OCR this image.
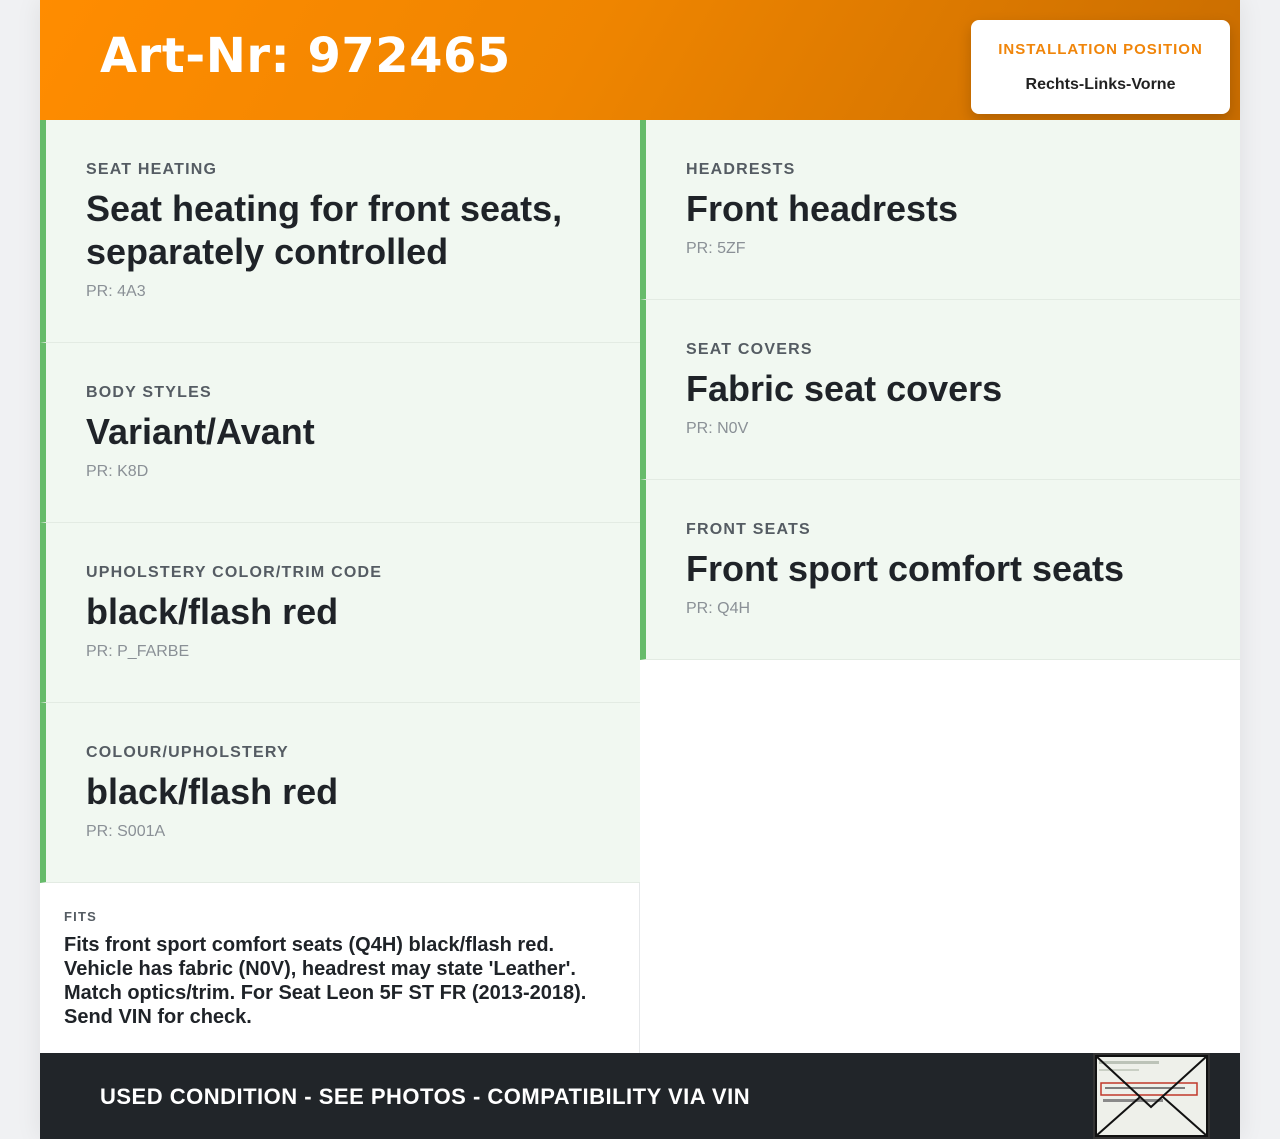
Art-Nr: 972465	INSTALLATION POSITION
Rechts-Links-Vorne
SEAT HEATING
Seat heating for front seats, separately controlled
PR: 4A3
BODY STYLES
Variant/Avant
PR: K8D
UPHOLSTERY COLOR/TRIM CODE
black/flash red
PR: P_FARBE
COLOUR/UPHOLSTERY
black/flash red
PR: S001A
HEADRESTS
Front headrests
PR: 5ZF
SEAT COVERS
Fabric seat covers
PR: N0V
FRONT SEATS
Front sport comfort seats
PR: Q4H
FITS
Fits front sport comfort seats (Q4H) black/flash red. Vehicle has fabric (N0V), headrest may state 'Leather'. Match optics/trim. For Seat Leon 5F ST FR (2013-2018). Send VIN for check.
USED CONDITION - SEE PHOTOS - COMPATIBILITY VIA VIN
